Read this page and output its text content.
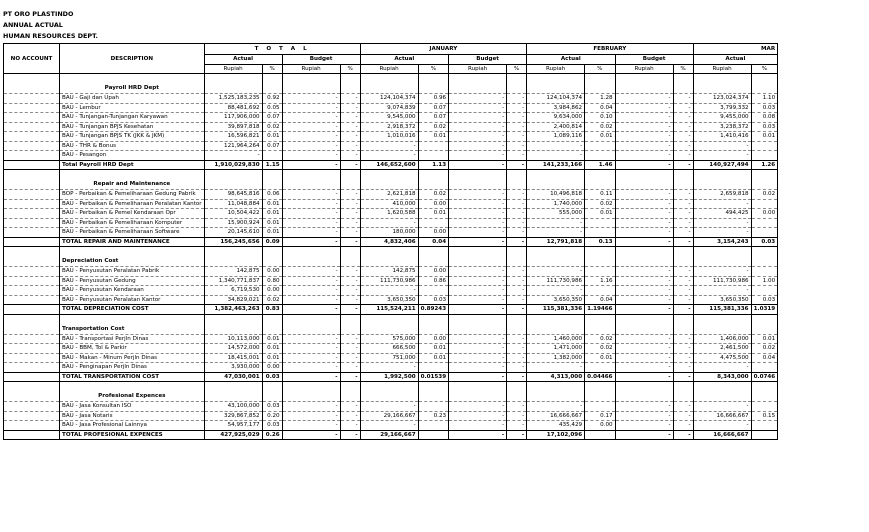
PT ORO PLASTINDO
ANNUAL ACTUAL
HUMAN RESOURCES DEPT.
NO ACCOUNT	DESCRIPTION	T O T A L				JANUARY				FEBRUARY				MAR	
		Actual		Budget		Actual		Budget		Actual		Budget		Actual	
		Rupiah	%	Rupiah	%	Rupiah	%	Rupiah	%	Rupiah	%	Rupiah	%	Rupiah	%

	Payroll HRD Dept														
	BAU - Gaji dan Upah	1,525,183,235	0.92	-	-	124,104,374	0.96	-	-	124,104,374	1.28	-	-	123,024,374	1.10
	BAU - Lembur	88,481,692	0.05	-	-	9,074,839	0.07	-	-	3,984,862	0.04	-	-	3,799,332	0.03
	BAU - Tunjangan-Tunjangan Karyawan	117,906,000	0.07	-	-	9,545,000	0.07	-	-	9,634,000	0.10	-	-	9,455,000	0.08
	BAU - Tunjangan BPJS Kesehatan	39,897,818	0.02	-	-	2,918,372	0.02	-	-	2,400,814	0.02	-	-	3,238,372	0.03
	BAU - Tunjangan BPJS TK (JKK & JKM)	16,596,821	0.01	-	-	1,010,016	0.01	-	-	1,089,116	0.01	-	-	1,410,416	0.01
	BAU - THR & Bonus	121,964,264	0.07	-	-	-		-	-	-		-	-	-	
	BAU - Pesangon	-		-	-	-		-	-	-		-	-	-	
	Total Payroll HRD Dept	1,910,029,830	1.15	-	-	146,652,600	1.13	-	-	141,233,166	1.46	-	-	140,927,494	1.26

	Repair and Maintenance														
	BOP - Perbaikan & Pemeliharaan Gedung Pabrik	98,645,816	0.06	-	-	2,621,818	0.02	-	-	10,496,818	0.11	-	-	2,659,818	0.02
	BAU - Perbaikan & Pemeliharaan Peralatan Kantor	11,048,884	0.01	-	-	410,000	0.00	-	-	1,740,000	0.02	-	-	-	
	BAU - Perbaikan & Pemel Kendaraan Opr	10,504,422	0.01	-	-	1,620,588	0.01	-	-	555,000	0.01	-	-	494,425	0.00
	BAU - Perbaikan & Pemeliharaan Komputer	15,900,924	0.01	-	-	-		-	-	-		-	-	-	
	BAU - Perbaikan & Pemeliharaan Software	20,145,610	0.01	-	-	180,000	0.00	-	-	-		-	-	-	
	TOTAL REPAIR AND MAINTENANCE	156,245,656	0.09	-	-	4,832,406	0.04	-	-	12,791,818	0.13	-	-	3,154,243	0.03

	Depreciation Cost														
	BAU - Penyusutan Peralatan Pabrik	142,875	0.00	-	-	142,875	0.00	-	-	-		-	-	-	
	BAU - Penyusutan Gedung	1,340,771,837	0.80	-	-	111,730,986	0.86	-	-	111,730,986	1.16	-	-	111,730,986	1.00
	BAU - Penyusutan Kendaraan	6,719,530	0.00	-	-	-		-	-	-		-	-	-	
	BAU - Penyusutan Peralatan Kantor	34,829,021	0.02	-	-	3,650,350	0.03	-	-	3,650,350	0.04	-	-	3,650,350	0.03
	TOTAL DEPRECIATION COST	1,382,463,263	0.83	-	-	115,524,211	0.89243	-	-	115,381,336	1.19466	-	-	115,381,336	1.0319

	Transportation Cost														
	BAU - Transportasi Perjln Dinas	10,113,000	0.01	-	-	575,000	0.00	-	-	1,460,000	0.02	-	-	1,406,000	0.01
	BAU - BBM, Tol & Parkir	14,572,000	0.01	-	-	666,500	0.01	-	-	1,471,000	0.02	-	-	2,461,500	0.02
	BAU - Makan - Minum Perjln Dinas	18,415,001	0.01	-	-	751,000	0.01	-	-	1,382,000	0.01	-	-	4,475,500	0.04
	BAU - Penginapan Perjln Dinas	3,930,000	0.00	-	-	-		-	-	-		-	-	-	
	TOTAL TRANSPORTATION COST	47,030,001	0.03	-	-	1,992,500	0.01539	-	-	4,313,000	0.04466	-	-	8,343,000	0.0746

	Profesional Expences														
	BAU - Jasa Konsultan ISO	43,100,000	0.03	-	-	-		-	-	-		-	-	-	
	BAU - Jasa Notaris	329,867,852	0.20	-	-	29,166,667	0.23	-	-	16,666,667	0.17	-	-	16,666,667	0.15
	BAU - Jasa Profesional Lainnya	54,957,177	0.03	-	-	-		-	-	435,429	0.00	-	-	-	
	TOTAL PROFESIONAL EXPENCES	427,925,029	0.26	-	-	29,166,667		-	-	17,102,096		-	-	16,666,667	
